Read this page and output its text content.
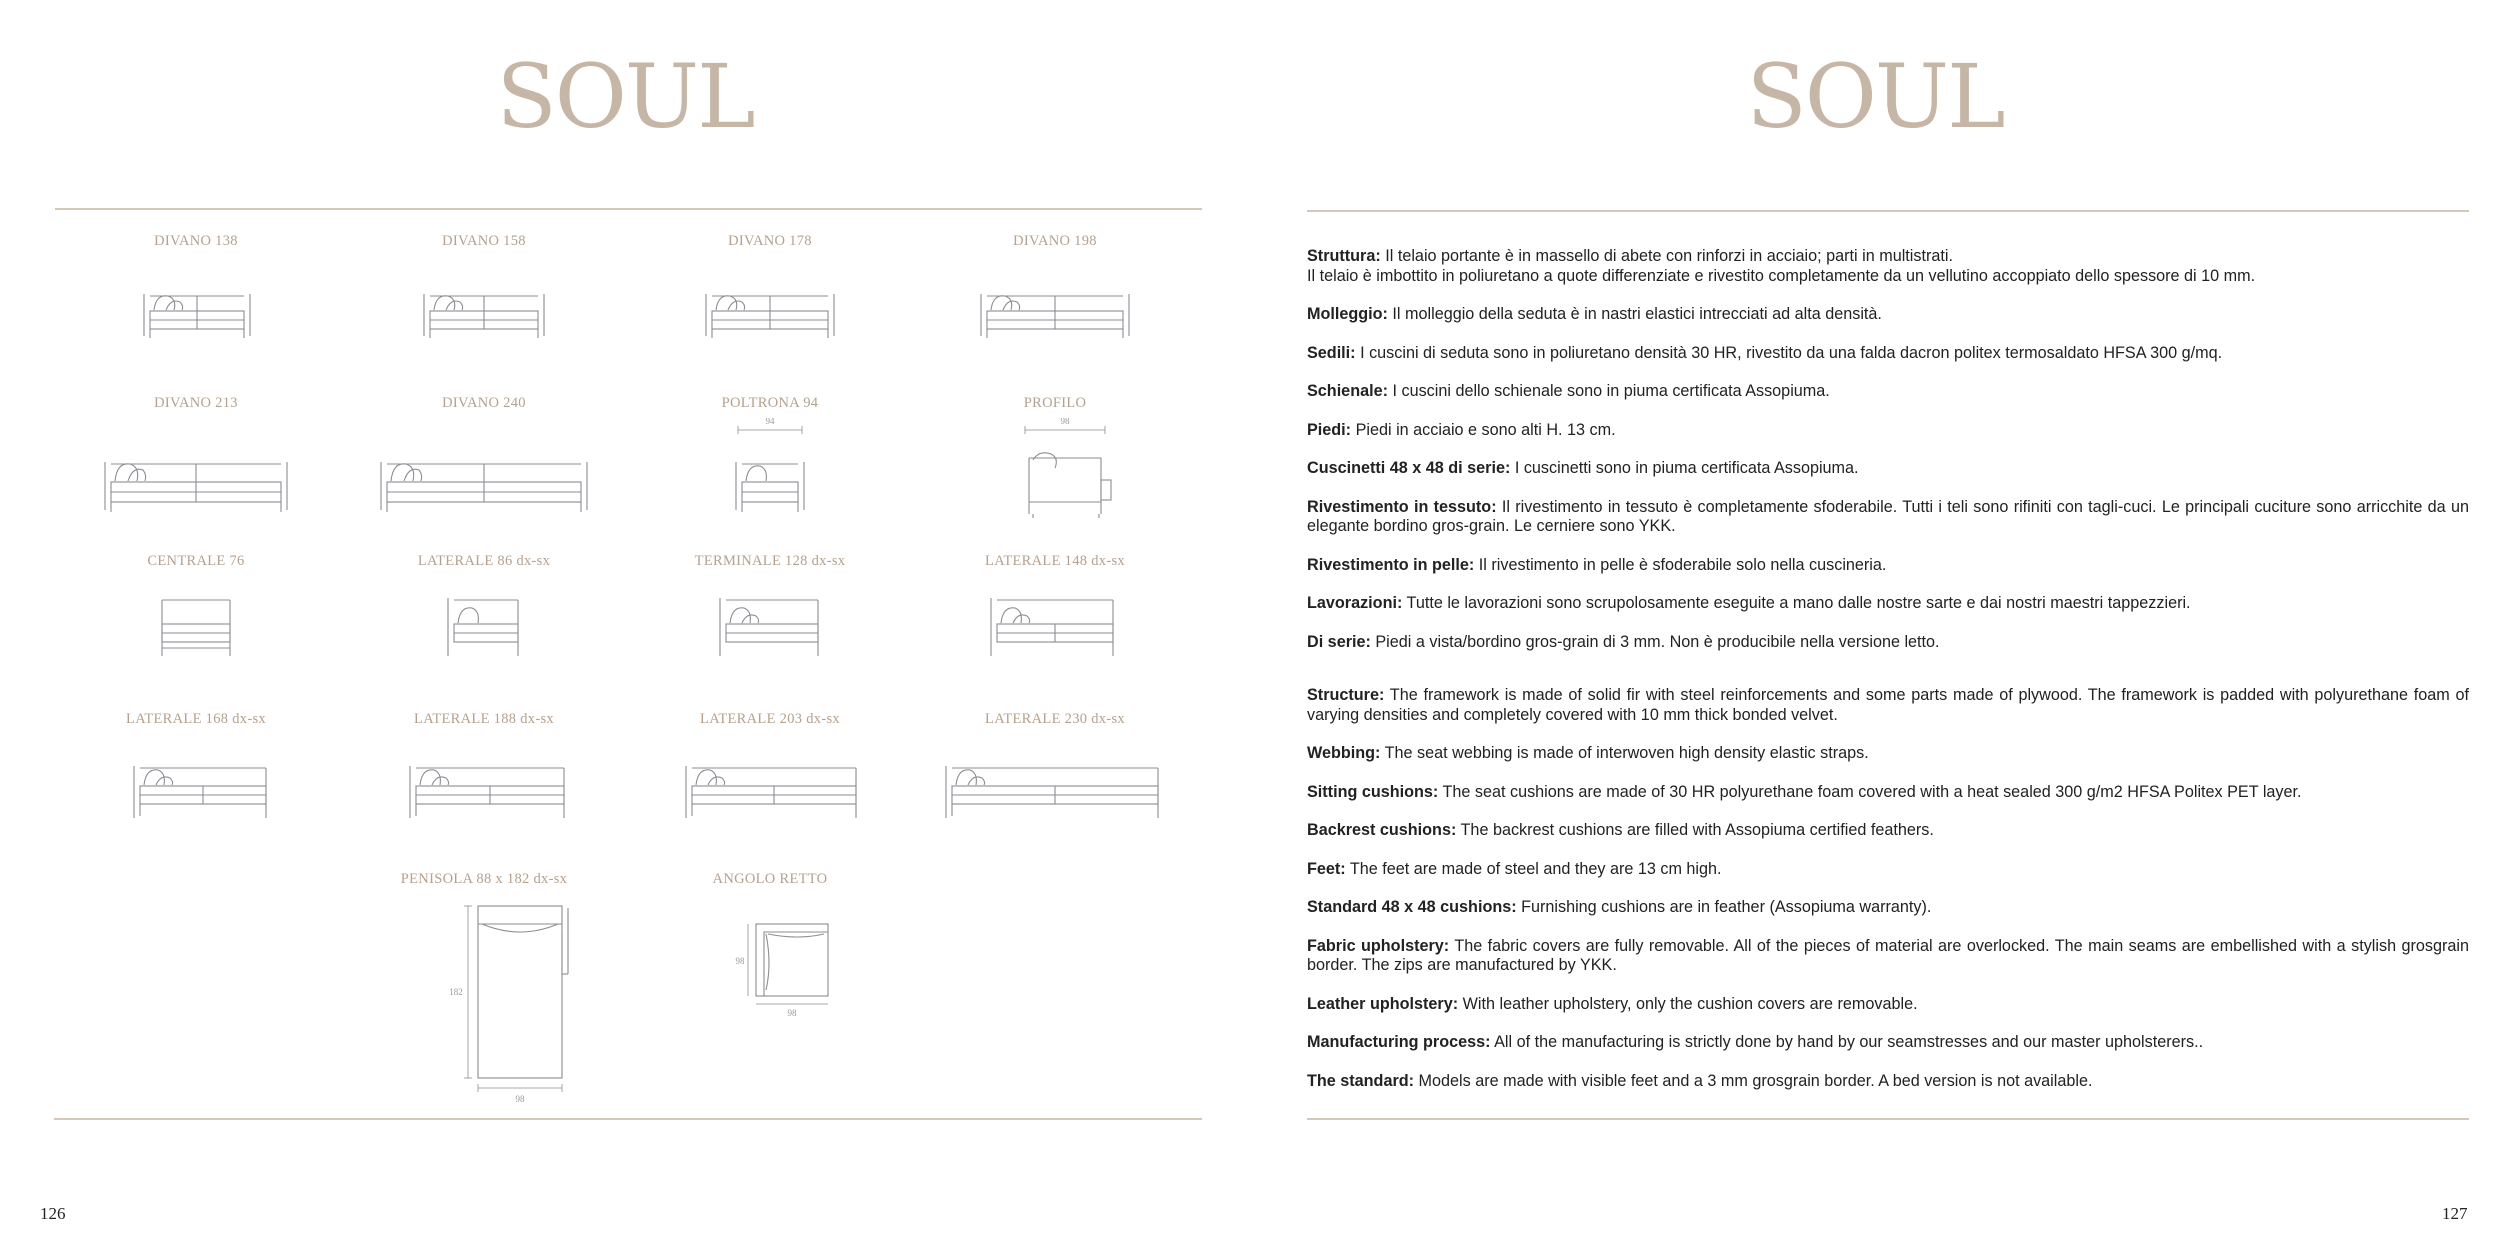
SOUL
DIVANO 138	DIVANO 158	DIVANO 178	DIVANO 198
DIVANO 213	DIVANO 240	POLTRONA 94
94
PROFILO
98
CENTRALE 76	LATERALE 86 dx-sx	TERMINALE 128 dx-sx	LATERALE 148 dx-sx
LATERALE 168 dx-sx	LATERALE 188 dx-sx	LATERALE 203 dx-sx	LATERALE 230 dx-sx
PENISOLA 88 x 182 dx-sx
182
98
ANGOLO RETTO
98
98
126
SOUL

Struttura: Il telaio portante è in massello di abete con rinforzi in acciaio; parti in multistrati.
Il telaio è imbottito in poliuretano a quote differenziate e rivestito completamente da un vellutino accoppiato dello spessore di 10 mm.

Molleggio: Il molleggio della seduta è in nastri elastici intrecciati ad alta densità.

Sedili: I cuscini di seduta sono in poliuretano densità 30 HR, rivestito da una falda dacron politex termosaldato HFSA 300 g/mq.

Schienale: I cuscini dello schienale sono in piuma certificata Assopiuma.

Piedi: Piedi in acciaio e sono alti H. 13 cm.

Cuscinetti 48 x 48 di serie: I cuscinetti sono in piuma certificata Assopiuma.

Rivestimento in tessuto: Il rivestimento in tessuto è completamente sfoderabile. Tutti i teli sono rifiniti con tagli-cuci. Le principali cuciture sono arricchite da un elegante bordino gros-grain. Le cerniere sono YKK.

Rivestimento in pelle: Il rivestimento in pelle è sfoderabile solo nella cuscineria.

Lavorazioni: Tutte le lavorazioni sono scrupolosamente eseguite a mano dalle nostre sarte e dai nostri maestri tappezzieri.

Di serie: Piedi a vista/bordino gros-grain di 3 mm. Non è producibile nella versione letto.

Structure: The framework is made of solid fir with steel reinforcements and some parts made of plywood. The framework is padded with polyurethane foam of varying densities and completely covered with 10 mm thick bonded velvet.

Webbing: The seat webbing is made of interwoven high density elastic straps.

Sitting cushions: The seat cushions are made of 30 HR polyurethane foam covered with a heat sealed 300 g/m2 HFSA Politex PET layer.

Backrest cushions: The backrest cushions are filled with Assopiuma certified feathers.

Feet: The feet are made of steel and they are 13 cm high.

Standard 48 x 48 cushions: Furnishing cushions are in feather (Assopiuma warranty).

Fabric upholstery: The fabric covers are fully removable. All of the pieces of material are overlocked. The main seams are embellished with a stylish grosgrain border. The zips are manufactured by YKK.

Leather upholstery: With leather upholstery, only the cushion covers are removable.

Manufacturing process: All of the manufacturing is strictly done by hand by our seamstresses and our master upholsterers..

The standard: Models are made with visible feet and a 3 mm grosgrain border. A bed version is not available.

127
